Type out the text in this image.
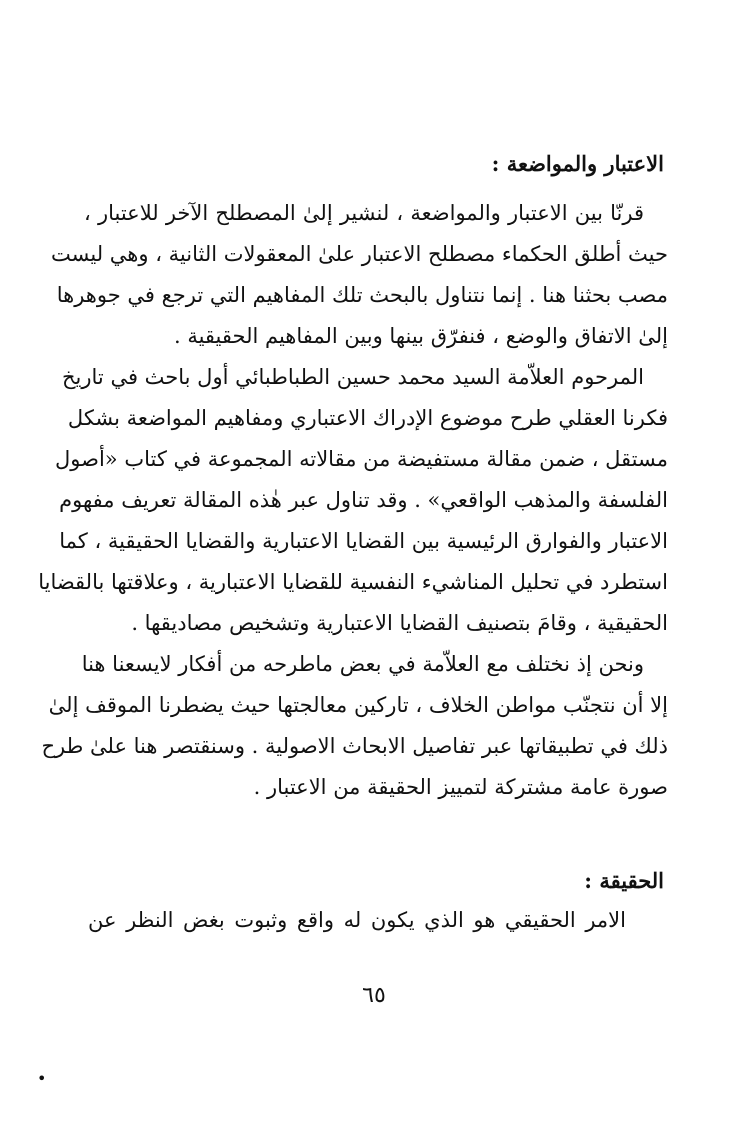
الاعتبار والمواضعة :
قرنّا بين الاعتبار والمواضعة ، لنشير إلىٰ المصطلح الآخر للاعتبار ،
حيث أطلق الحكماء مصطلح الاعتبار علىٰ المعقولات الثانية ، وهي ليست
مصب بحثنا هنا . إنما نتناول بالبحث تلك المفاهيم التي ترجع في جوهرها
إلىٰ الاتفاق والوضع ، فنفرّق بينها وبين المفاهيم الحقيقية .
المرحوم العلاّمة السيد محمد حسين الطباطبائي أول باحث في تاريخ
فكرنا العقلي طرح موضوع الإدراك الاعتباري ومفاهيم المواضعة بشكل
مستقل ، ضمن مقالة مستفيضة من مقالاته المجموعة في كتاب «أصول
الفلسفة والمذهب الواقعي» . وقد تناول عبر هٰذه المقالة تعريف مفهوم
الاعتبار والفوارق الرئيسية بين القضايا الاعتبارية والقضايا الحقيقية ، كما
استطرد في تحليل المناشيء النفسية للقضايا الاعتبارية ، وعلاقتها بالقضايا
الحقيقية ، وقامَ بتصنيف القضايا الاعتبارية وتشخيص مصاديقها .
ونحن إذ نختلف مع العلاّمة في بعض ماطرحه من أفكار لايسعنا هنا
إلا أن نتجنّب مواطن الخلاف ، تاركين معالجتها حيث يضطرنا الموقف إلىٰ
ذلك في تطبيقاتها عبر تفاصيل الابحاث الاصولية . وسنقتصر هنا علىٰ طرح
صورة عامة مشتركة لتمييز الحقيقة من الاعتبار .
الحقيقة :
الامر الحقيقي هو الذي يكون له واقع وثبوت بغض النظر عن
٦٥
•
